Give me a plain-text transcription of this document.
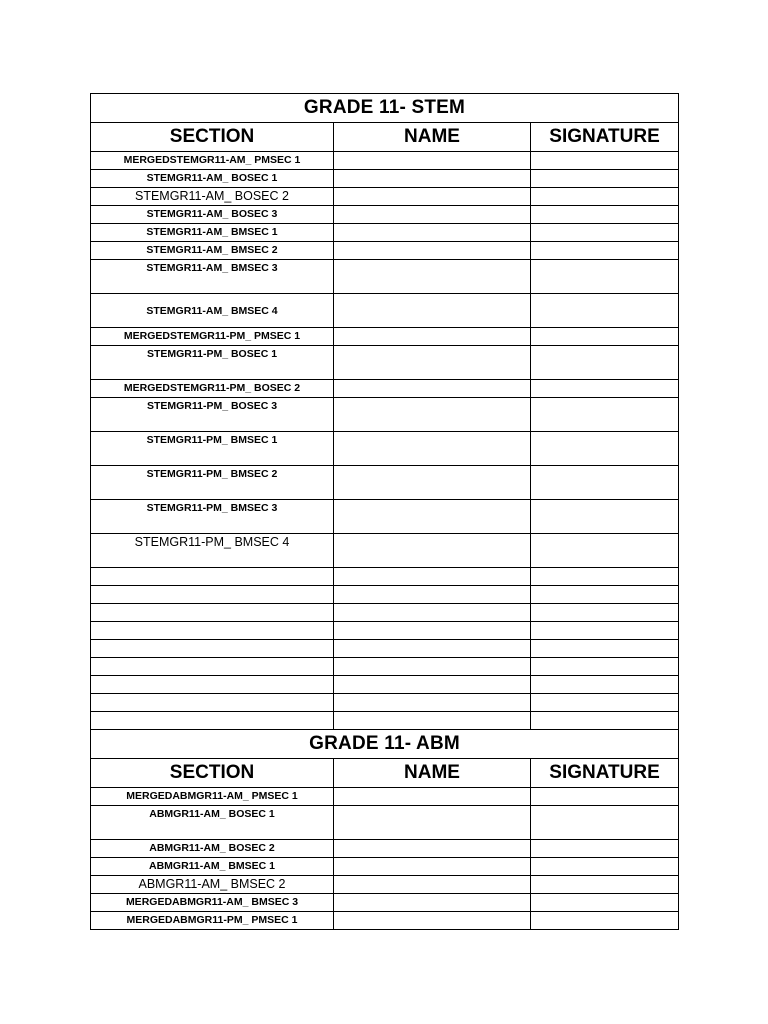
GRADE 11- STEM		
SECTION	NAME	SIGNATURE
MERGEDSTEMGR11-AM_ PMSEC 1		
STEMGR11-AM_ BOSEC 1		
STEMGR11-AM_ BOSEC 2		
STEMGR11-AM_ BOSEC 3		
STEMGR11-AM_ BMSEC 1		
STEMGR11-AM_ BMSEC 2		
STEMGR11-AM_ BMSEC 3		
STEMGR11-AM_ BMSEC 4		
MERGEDSTEMGR11-PM_ PMSEC 1		
STEMGR11-PM_ BOSEC 1		
MERGEDSTEMGR11-PM_ BOSEC 2		
STEMGR11-PM_ BOSEC 3		
STEMGR11-PM_ BMSEC 1		
STEMGR11-PM_ BMSEC 2		
STEMGR11-PM_ BMSEC 3		
STEMGR11-PM_ BMSEC 4		

GRADE 11- ABM		
SECTION	NAME	SIGNATURE
MERGEDABMGR11-AM_ PMSEC 1		
ABMGR11-AM_ BOSEC 1		
ABMGR11-AM_ BOSEC 2		
ABMGR11-AM_ BMSEC 1		
ABMGR11-AM_ BMSEC 2		
MERGEDABMGR11-AM_ BMSEC 3		
MERGEDABMGR11-PM_ PMSEC 1		
